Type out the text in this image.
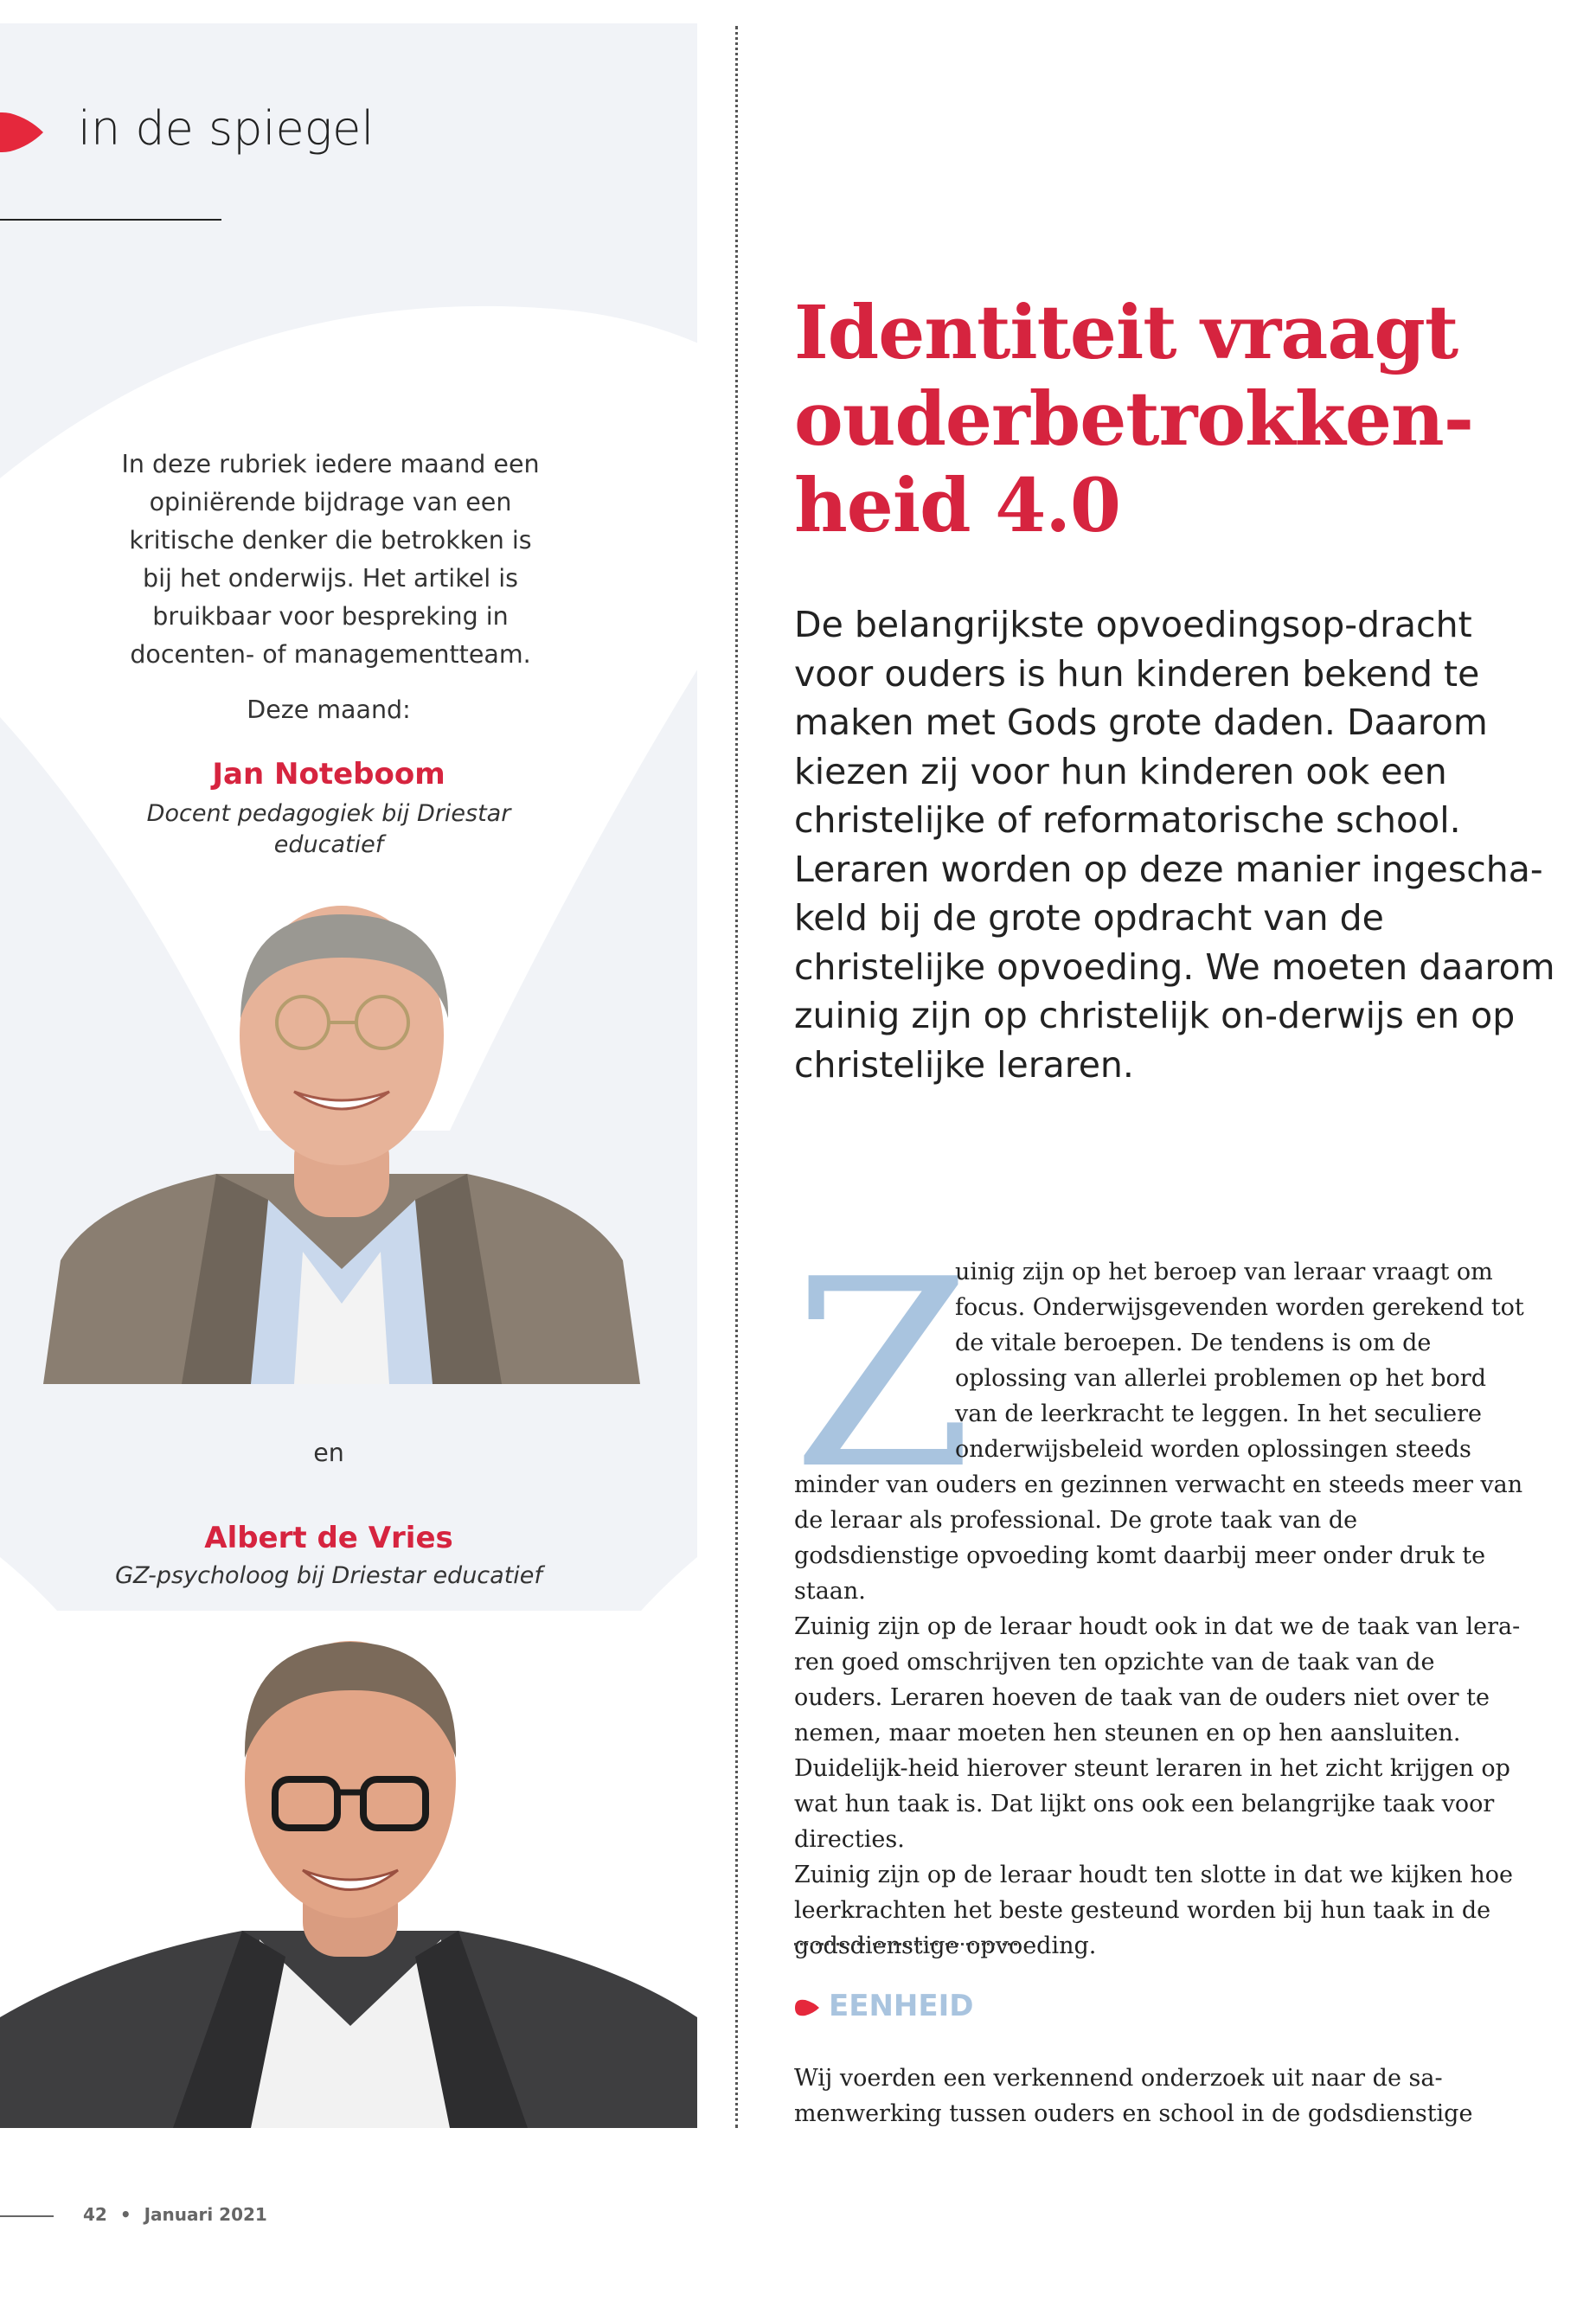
in de spiegel
In deze rubriek iedere maand een opiniërende bijdrage van een kritische denker die betrokken is bij het onderwijs. Het artikel is bruikbaar voor bespreking in docenten- of managementteam.
Deze maand:
Jan Noteboom
Docent pedagogiek bij Driestar educatief
en
Albert de Vries
GZ-psycholoog bij Driestar educatief
Identiteit vraagt ouderbetrokken-heid 4.0
De belangrijkste opvoedingsop-dracht voor ouders is hun kinderen bekend te maken met Gods grote daden. Daarom kiezen zij voor hun kinderen ook een christelijke of reformatorische school. Leraren worden op deze manier ingescha-keld bij de grote opdracht van de christelijke opvoeding. We moeten daarom zuinig zijn op christelijk on-derwijs en op christelijke leraren.
Z
uinig zijn op het beroep van leraar vraagt om focus. Onderwijsgevenden worden gerekend tot de vitale beroepen. De tendens is om de oplossing van allerlei problemen op het bord van de leerkracht te leggen. In het seculiere onderwijsbeleid worden oplossingen steeds

minder van ouders en gezinnen verwacht en steeds meer van de leraar als professional. De grote taak van de godsdienstige opvoeding komt daarbij meer onder druk te staan.

Zuinig zijn op de leraar houdt ook in dat we de taak van lera-ren goed omschrijven ten opzichte van de taak van de ouders. Leraren hoeven de taak van de ouders niet over te nemen, maar moeten hen steunen en op hen aansluiten. Duidelijk-heid hierover steunt leraren in het zicht krijgen op wat hun taak is. Dat lijkt ons ook een belangrijke taak voor directies.

Zuinig zijn op de leraar houdt ten slotte in dat we kijken hoe leerkrachten het beste gesteund worden bij hun taak in de godsdienstige opvoeding.

EENHEID
Wij voerden een verkennend onderzoek uit naar de sa-menwerking tussen ouders en school in de godsdienstige
42 • Januari 2021
